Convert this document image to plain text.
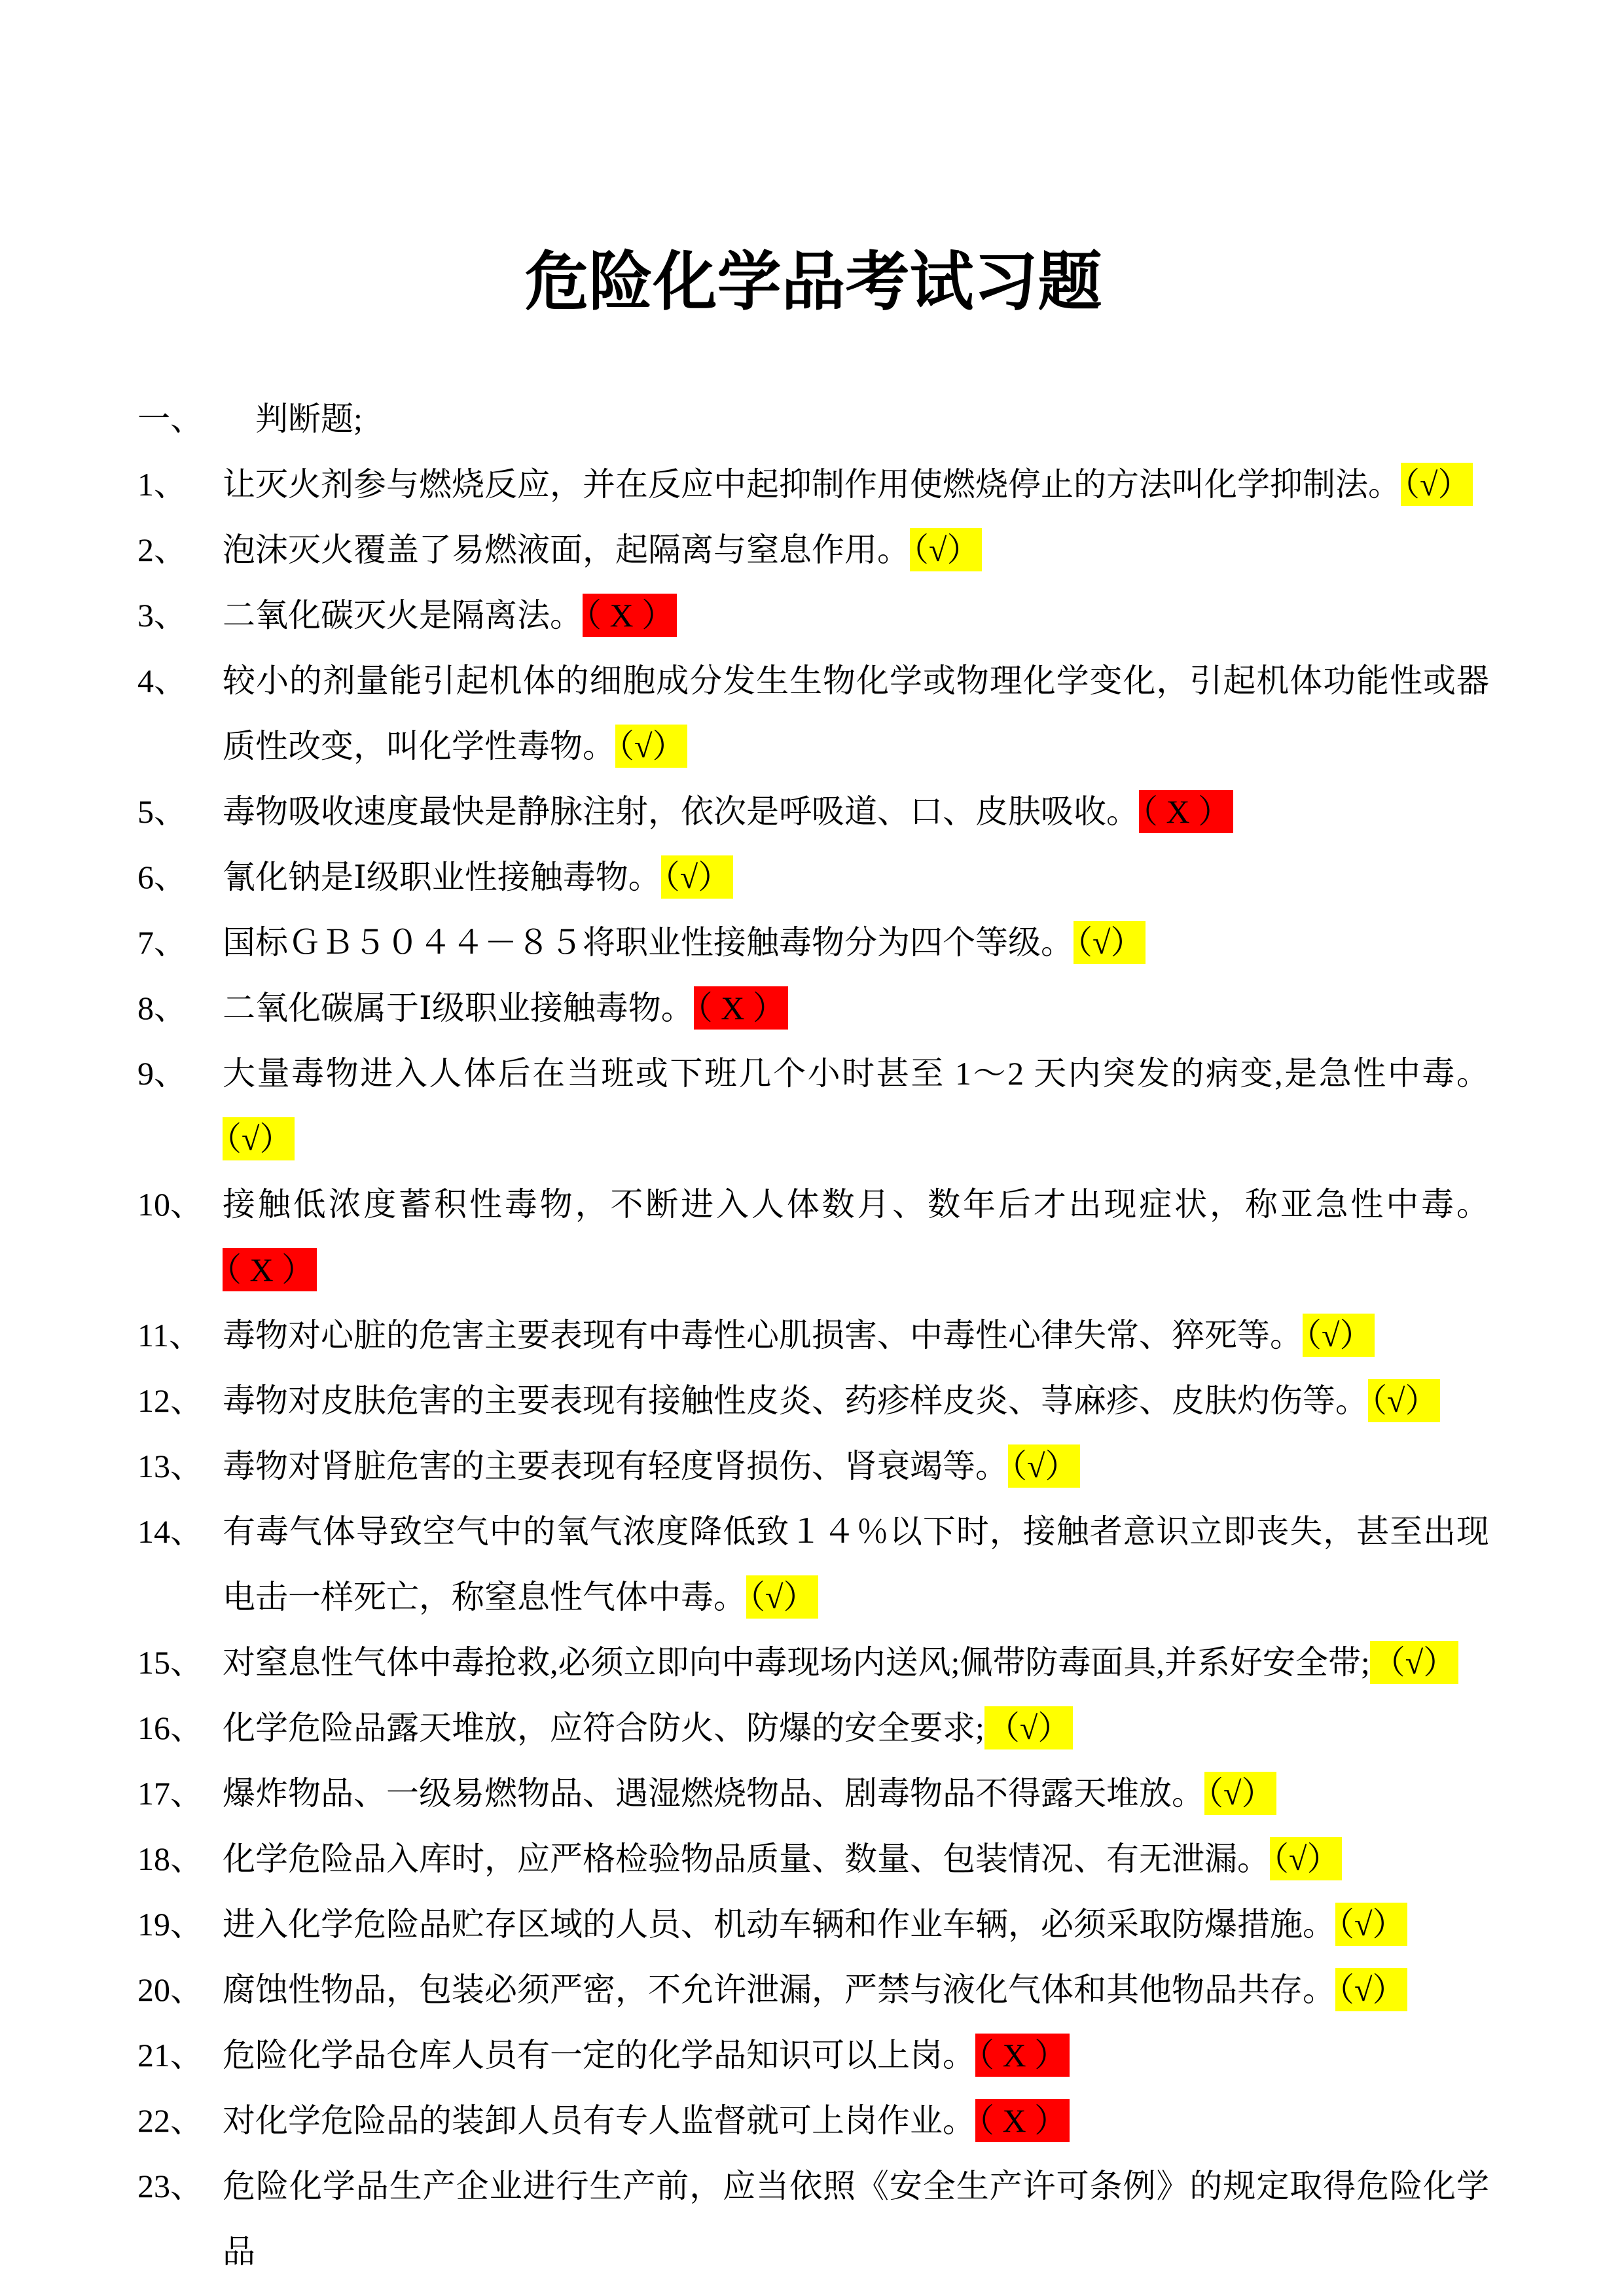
危险化学品考试习题
一、 判断题;
1、	让灭火剂参与燃烧反应，并在反应中起抑制作用使燃烧停止的方法叫化学抑制法。（√）
2、	泡沫灭火覆盖了易燃液面，起隔离与窒息作用。（√）
3、	二氧化碳灭火是隔离法。（ X ）
4、	较小的剂量能引起机体的细胞成分发生生物化学或物理化学变化，引起机体功能性或器质性改变，叫化学性毒物。（√）
5、	毒物吸收速度最快是静脉注射，依次是呼吸道、口、皮肤吸收。（ X ）
6、	氰化钠是Ⅰ级职业性接触毒物。（√）
7、	国标ＧＢ５０４４－８５将职业性接触毒物分为四个等级。（√）
8、	二氧化碳属于Ⅰ级职业接触毒物。（ X ）
9、	大量毒物进入人体后在当班或下班几个小时甚至 1～2 天内突发的病变,是急性中毒。（√）
10、 接触低浓度蓄积性毒物，不断进入人体数月、数年后才出现症状，称亚急性中毒。（ X ）
11、 毒物对心脏的危害主要表现有中毒性心肌损害、中毒性心律失常、猝死等。（√）
12、 毒物对皮肤危害的主要表现有接触性皮炎、药疹样皮炎、荨麻疹、皮肤灼伤等。（√）
13、 毒物对肾脏危害的主要表现有轻度肾损伤、肾衰竭等。（√）
14、 有毒气体导致空气中的氧气浓度降低致１４％以下时，接触者意识立即丧失，甚至出现电击一样死亡，称窒息性气体中毒。（√）
15、 对窒息性气体中毒抢救,必须立即向中毒现场内送风;佩带防毒面具,并系好安全带;（√）
16、 化学危险品露天堆放，应符合防火、防爆的安全要求;（√）
17、 爆炸物品、一级易燃物品、遇湿燃烧物品、剧毒物品不得露天堆放。（√）
18、 化学危险品入库时，应严格检验物品质量、数量、包装情况、有无泄漏。（√）
19、 进入化学危险品贮存区域的人员、机动车辆和作业车辆，必须采取防爆措施。（√）
20、 腐蚀性物品，包装必须严密，不允许泄漏，严禁与液化气体和其他物品共存。（√）
21、 危险化学品仓库人员有一定的化学品知识可以上岗。（ X ）
22、 对化学危险品的装卸人员有专人监督就可上岗作业。（ X ）
23、 危险化学品生产企业进行生产前，应当依照《安全生产许可条例》的规定取得危险化学品
